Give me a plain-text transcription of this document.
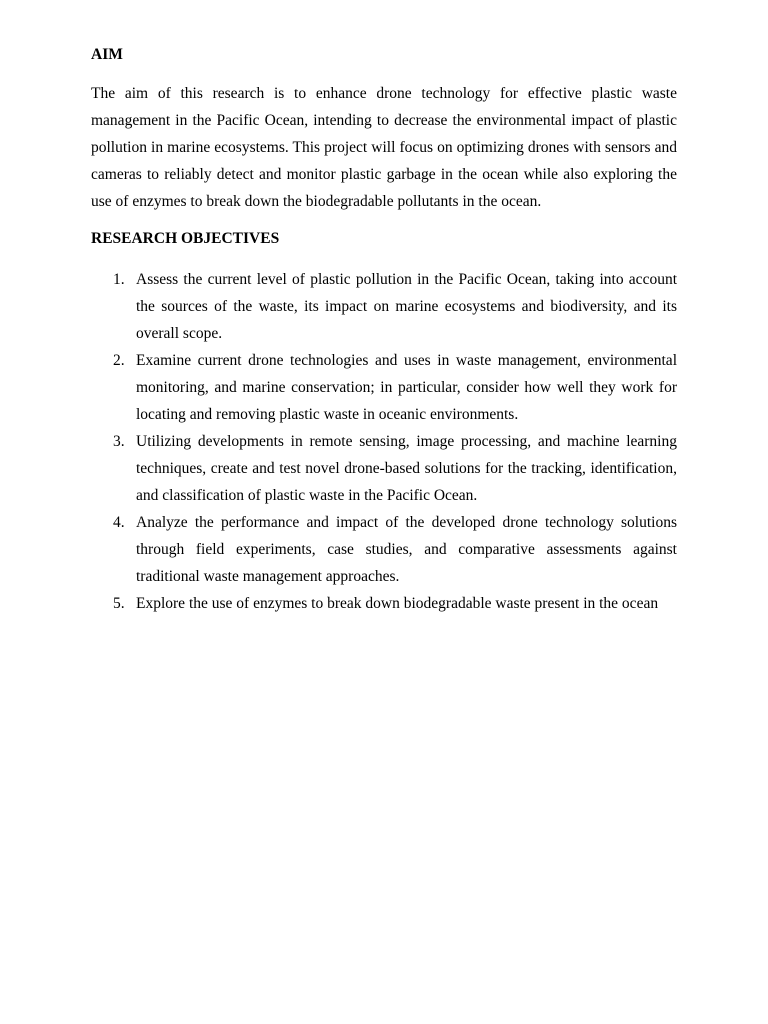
AIM

The aim of this research is to enhance drone technology for effective plastic waste management in the Pacific Ocean, intending to decrease the environmental impact of plastic pollution in marine ecosystems. This project will focus on optimizing drones with sensors and cameras to reliably detect and monitor plastic garbage in the ocean while also exploring the use of enzymes to break down the biodegradable pollutants in the ocean.

RESEARCH OBJECTIVES
1. Assess the current level of plastic pollution in the Pacific Ocean, taking into account the sources of the waste, its impact on marine ecosystems and biodiversity, and its overall scope.
2. Examine current drone technologies and uses in waste management, environmental monitoring, and marine conservation; in particular, consider how well they work for locating and removing plastic waste in oceanic environments.
3. Utilizing developments in remote sensing, image processing, and machine learning techniques, create and test novel drone-based solutions for the tracking, identification, and classification of plastic waste in the Pacific Ocean.
4. Analyze the performance and impact of the developed drone technology solutions through field experiments, case studies, and comparative assessments against traditional waste management approaches.
5. Explore the use of enzymes to break down biodegradable waste present in the ocean
